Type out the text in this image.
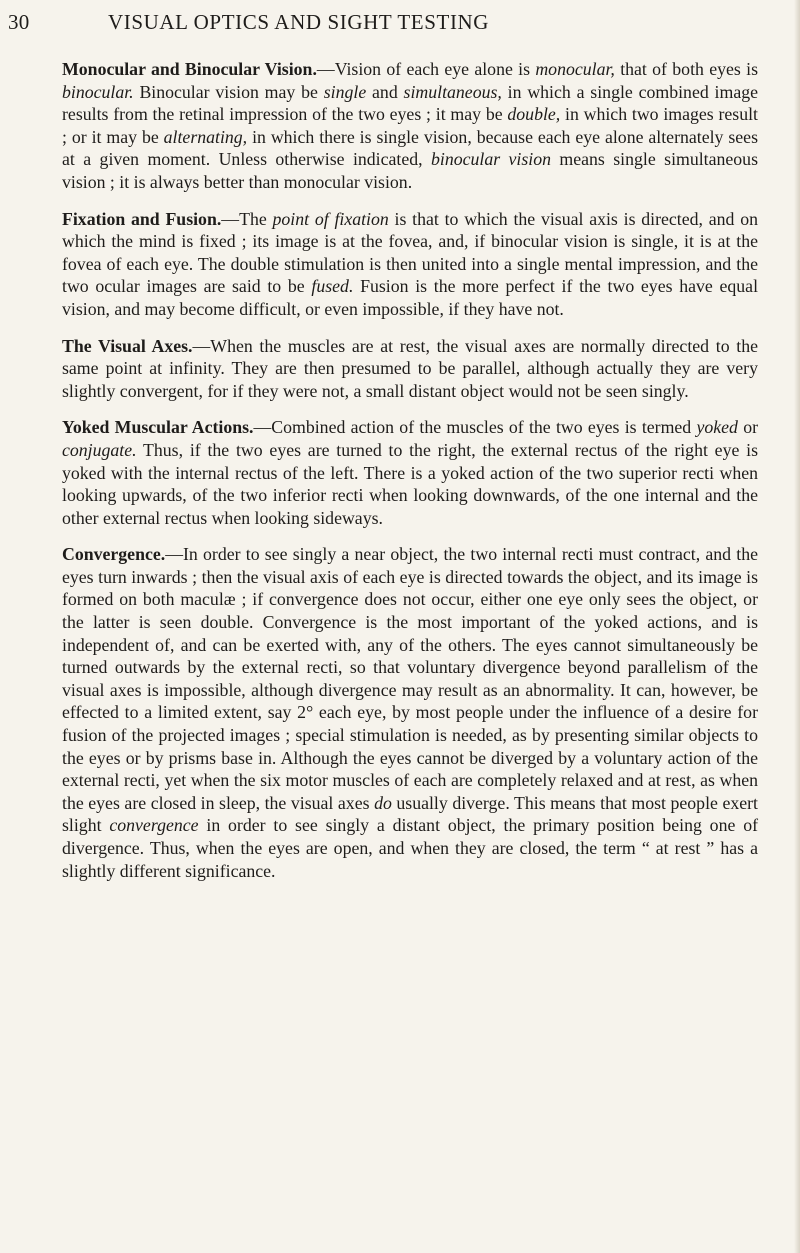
30	VISUAL OPTICS AND SIGHT TESTING

Monocular and Binocular Vision.—Vision of each eye alone is monocular, that of both eyes is binocular. Binocular vision may be single and simultaneous, in which a single combined image results from the retinal impression of the two eyes ; it may be double, in which two images result ; or it may be alternating, in which there is single vision, because each eye alone alternately sees at a given moment. Unless otherwise indicated, binocular vision means single simultaneous vision ; it is always better than monocular vision.

Fixation and Fusion.—The point of fixation is that to which the visual axis is directed, and on which the mind is fixed ; its image is at the fovea, and, if binocular vision is single, it is at the fovea of each eye. The double stimulation is then united into a single mental impression, and the two ocular images are said to be fused. Fusion is the more perfect if the two eyes have equal vision, and may become difficult, or even impossible, if they have not.

The Visual Axes.—When the muscles are at rest, the visual axes are normally directed to the same point at infinity. They are then presumed to be parallel, although actually they are very slightly convergent, for if they were not, a small distant object would not be seen singly.

Yoked Muscular Actions.—Combined action of the muscles of the two eyes is termed yoked or conjugate. Thus, if the two eyes are turned to the right, the external rectus of the right eye is yoked with the internal rectus of the left. There is a yoked action of the two superior recti when looking upwards, of the two inferior recti when looking downwards, of the one internal and the other external rectus when looking sideways.

Convergence.—In order to see singly a near object, the two internal recti must contract, and the eyes turn inwards ; then the visual axis of each eye is directed towards the object, and its image is formed on both maculæ ; if convergence does not occur, either one eye only sees the object, or the latter is seen double. Convergence is the most important of the yoked actions, and is independent of, and can be exerted with, any of the others. The eyes cannot simultaneously be turned outwards by the external recti, so that voluntary divergence beyond parallelism of the visual axes is impossible, although divergence may result as an abnormality. It can, however, be effected to a limited extent, say 2° each eye, by most people under the influence of a desire for fusion of the projected images ; special stimulation is needed, as by presenting similar objects to the eyes or by prisms base in. Although the eyes cannot be diverged by a voluntary action of the external recti, yet when the six motor muscles of each are completely relaxed and at rest, as when the eyes are closed in sleep, the visual axes do usually diverge. This means that most people exert slight convergence in order to see singly a distant object, the primary position being one of divergence. Thus, when the eyes are open, and when they are closed, the term “ at rest ” has a slightly different significance.
